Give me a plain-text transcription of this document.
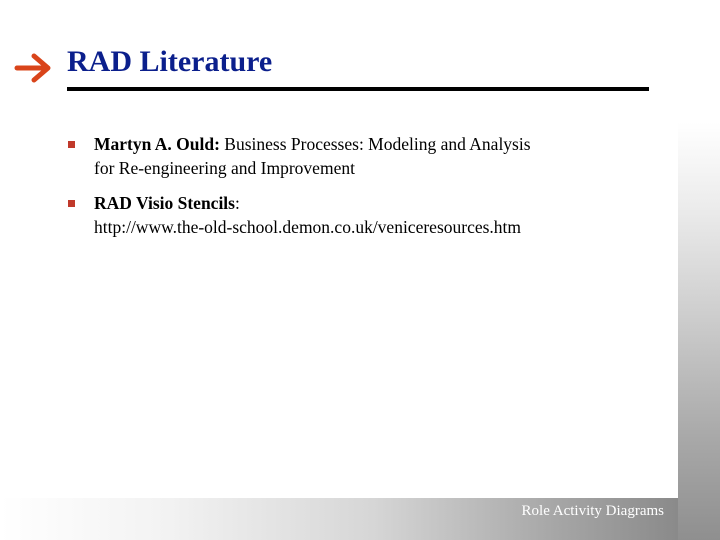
Role Activity Diagrams
RAD Literature
Martyn A. Ould: Business Processes: Modeling and Analysis
for Re-engineering and Improvement
RAD Visio Stencils:
http://www.the-old-school.demon.co.uk/veniceresources.htm
